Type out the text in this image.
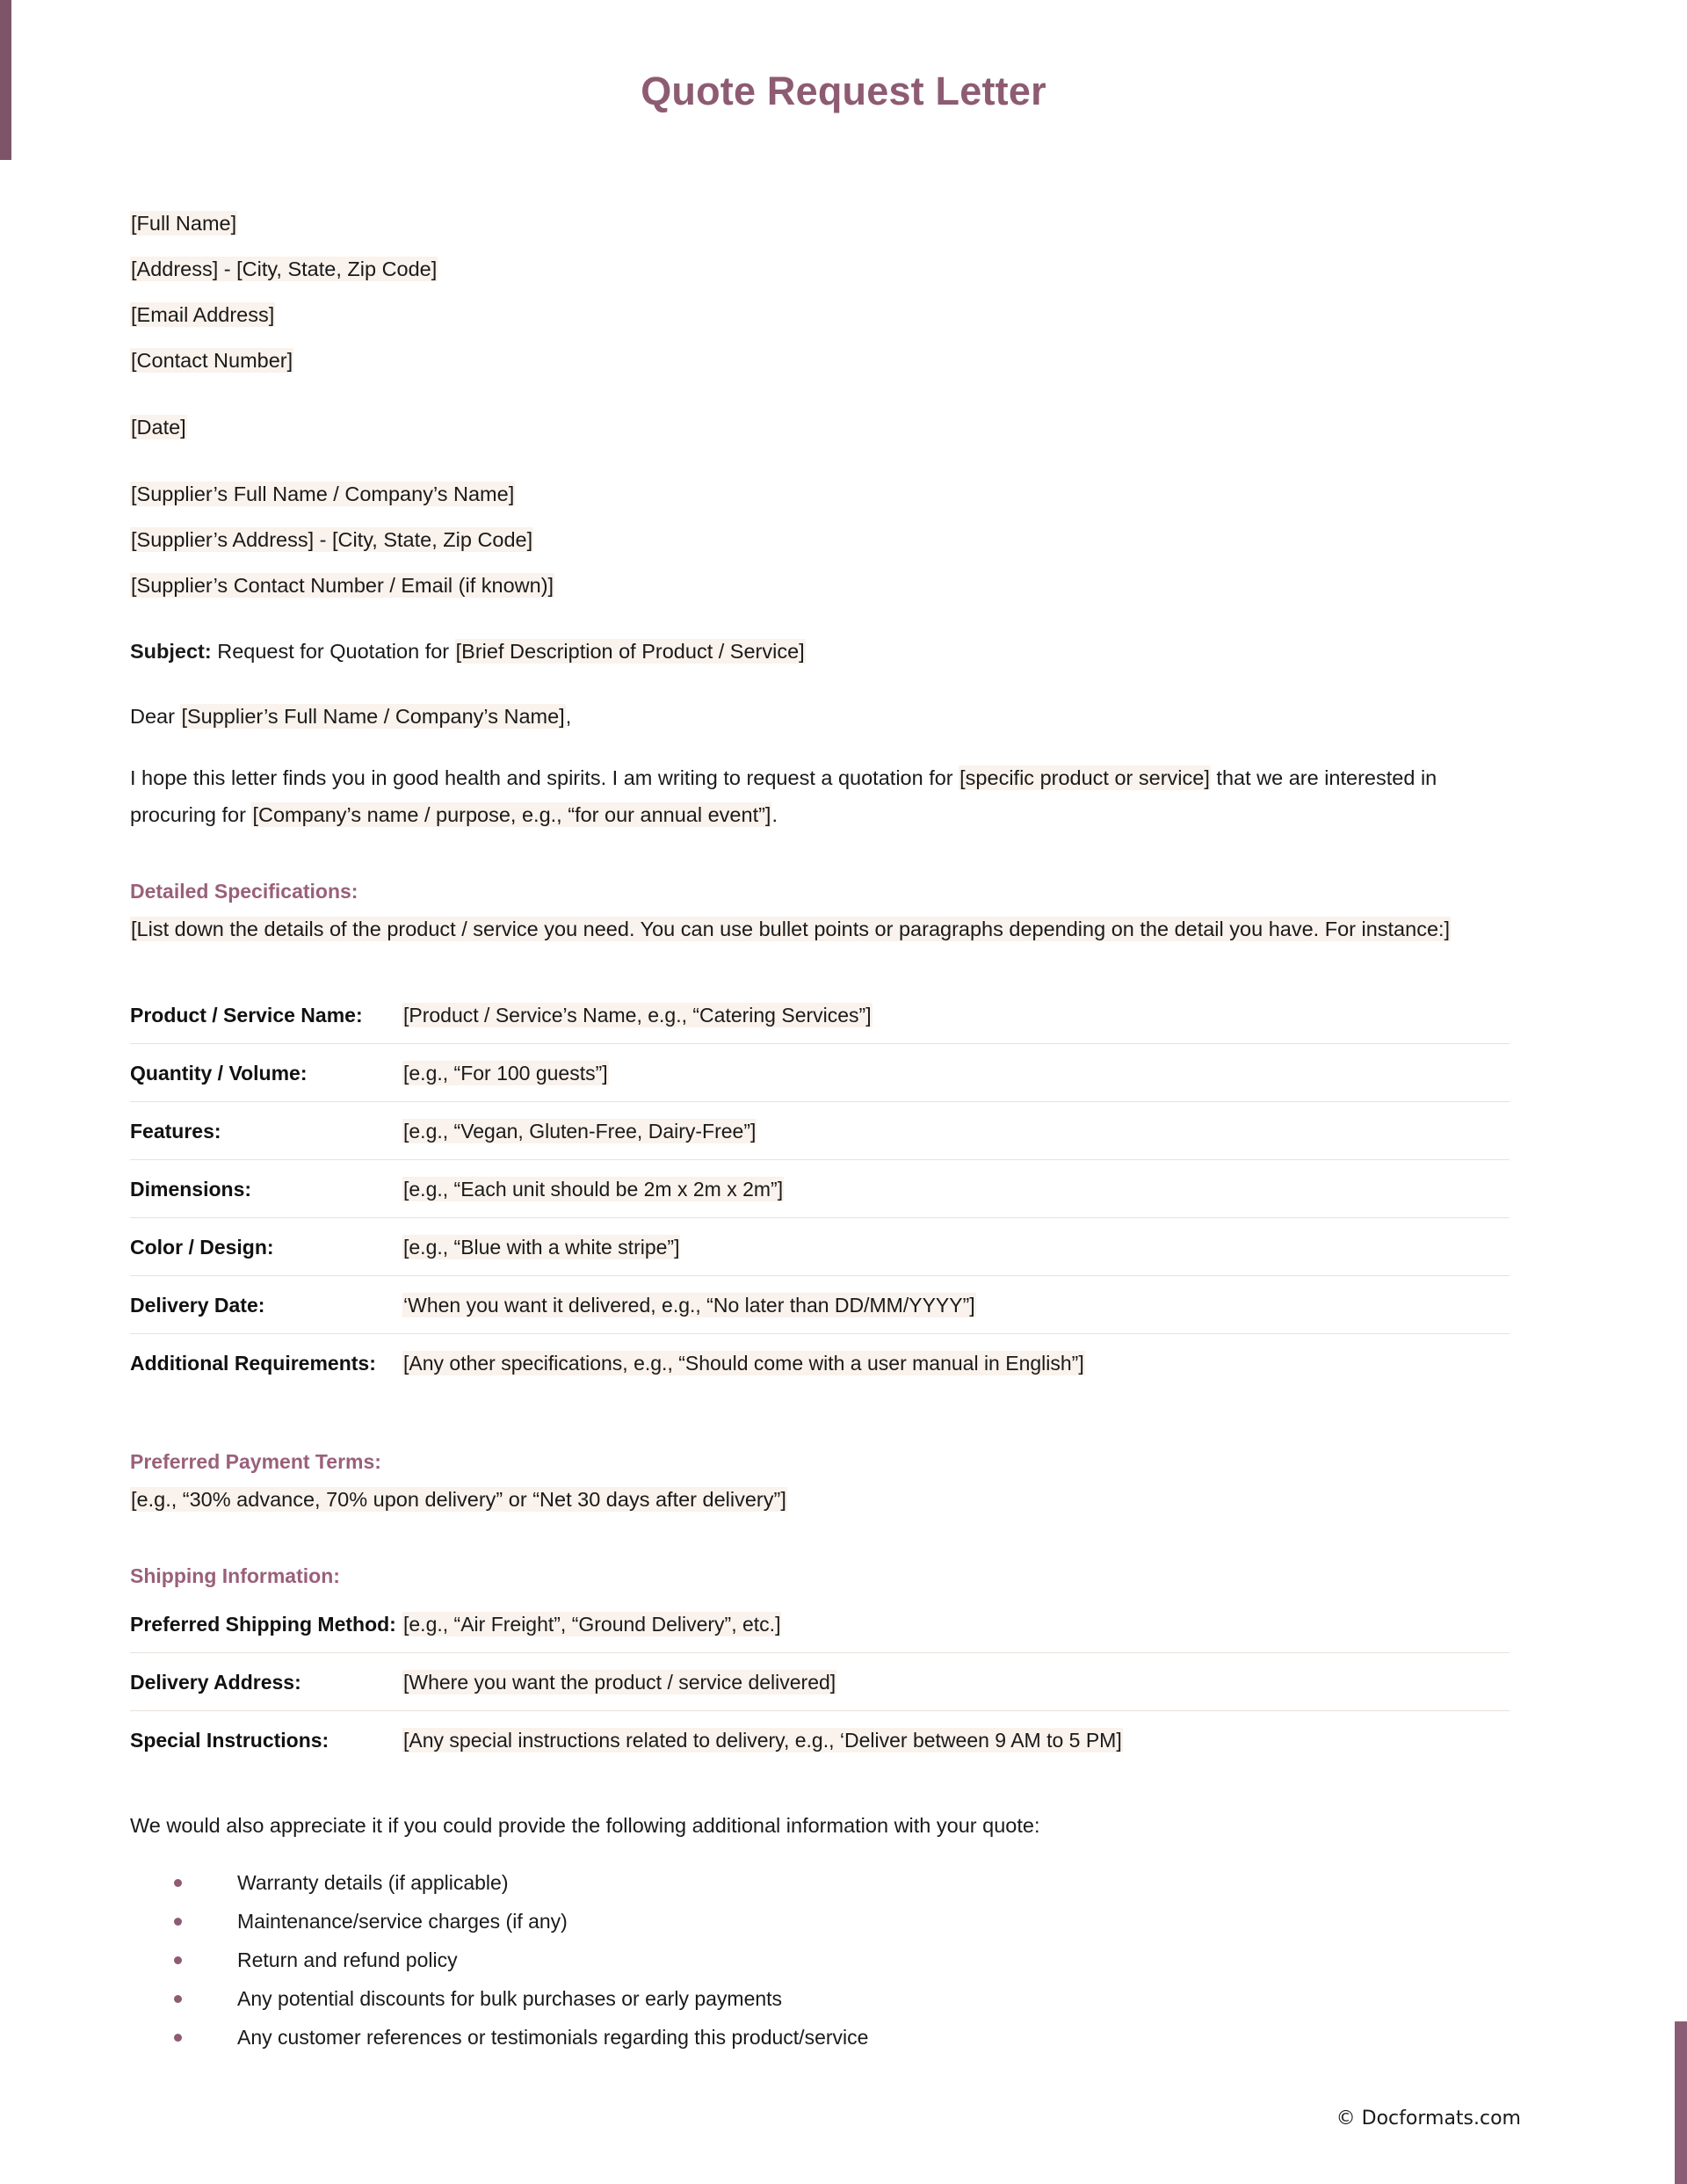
Quote Request Letter
[Full Name]
[Address] - [City, State, Zip Code]
[Email Address]
[Contact Number]
[Date]
[Supplier’s Full Name / Company’s Name]
[Supplier’s Address] - [City, State, Zip Code]
[Supplier’s Contact Number / Email (if known)]
Subject: Request for Quotation for [Brief Description of Product / Service]
Dear [Supplier’s Full Name / Company’s Name],
I hope this letter finds you in good health and spirits. I am writing to request a quotation for [specific product or service] that we are interested in procuring for [Company’s name / purpose, e.g., “for our annual event”].
Detailed Specifications:
[List down the details of the product / service you need. You can use bullet points or paragraphs depending on the detail you have. For instance:]
Product / Service Name:	[Product / Service’s Name, e.g., “Catering Services”]
Quantity / Volume:	[e.g., “For 100 guests”]
Features:	[e.g., “Vegan, Gluten-Free, Dairy-Free”]
Dimensions:	[e.g., “Each unit should be 2m x 2m x 2m”]
Color / Design:	[e.g., “Blue with a white stripe”]
Delivery Date:	‘When you want it delivered, e.g., “No later than DD/MM/YYYY”]
Additional Requirements:	[Any other specifications, e.g., “Should come with a user manual in English”]
Preferred Payment Terms:
[e.g., “30% advance, 70% upon delivery” or “Net 30 days after delivery”]
Shipping Information:
Preferred Shipping Method:	[e.g., “Air Freight”, “Ground Delivery”, etc.]
Delivery Address:	[Where you want the product / service delivered]
Special Instructions:	[Any special instructions related to delivery, e.g., ‘Deliver between 9 AM to 5 PM]
We would also appreciate it if you could provide the following additional information with your quote:
Warranty details (if applicable)
Maintenance/service charges (if any)
Return and refund policy
Any potential discounts for bulk purchases or early payments
Any customer references or testimonials regarding this product/service
© Docformats.com
